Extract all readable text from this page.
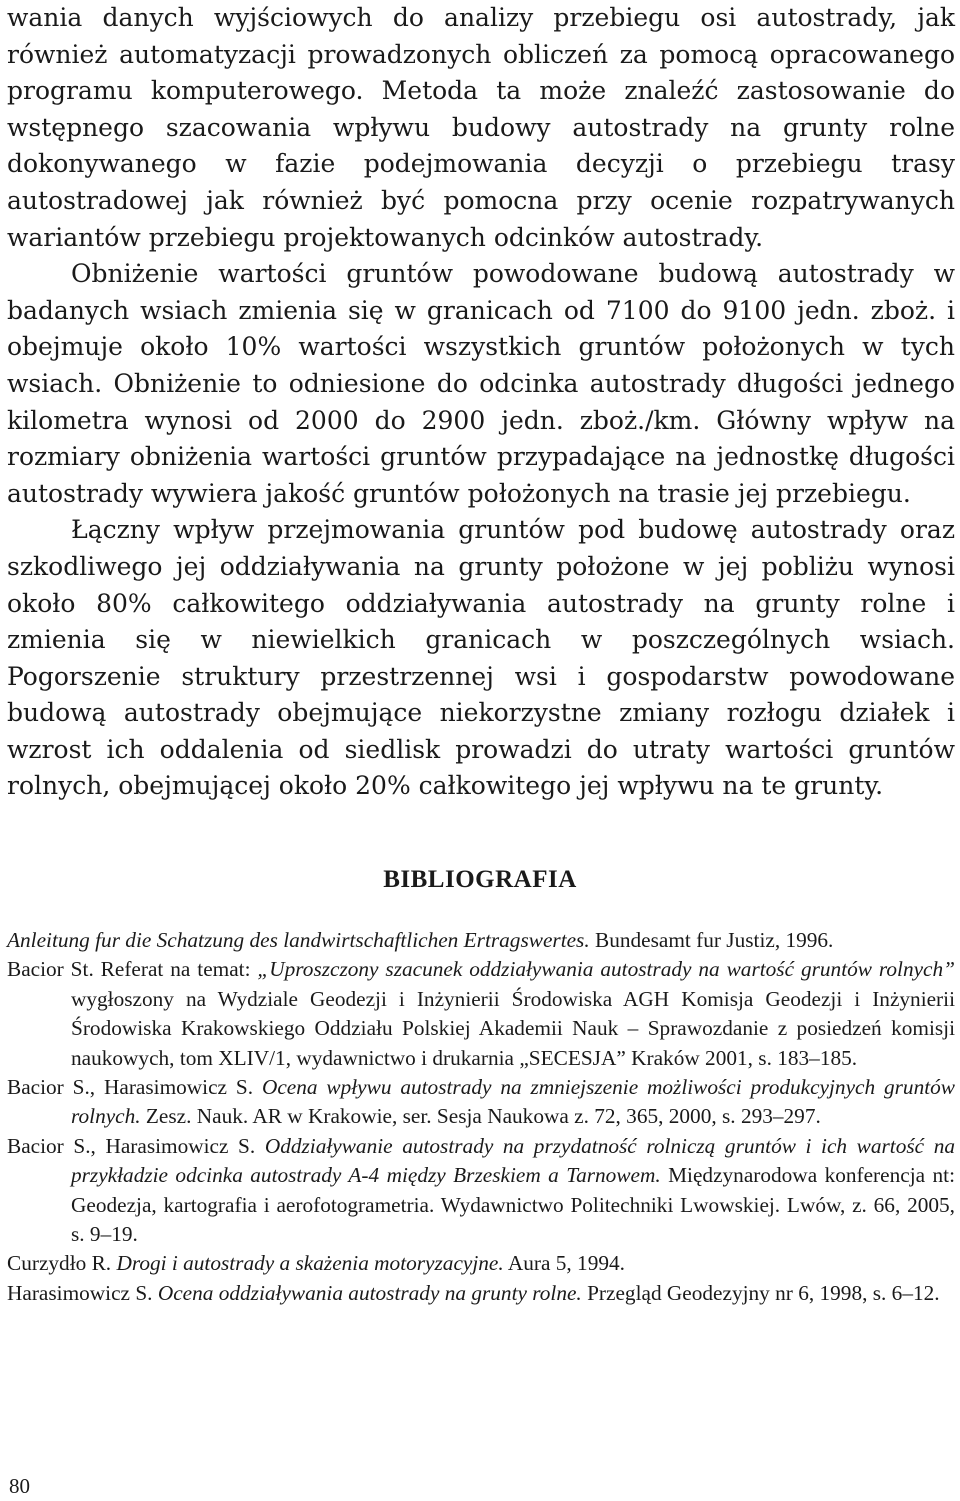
wania danych wyjściowych do analizy przebiegu osi autostrady, jak również automatyzacji prowadzonych obliczeń za pomocą opracowanego programu komputerowego. Metoda ta może znaleźć zastosowanie do wstępnego szacowania wpływu budowy autostrady na grunty rolne dokonywanego w fazie podejmowania decyzji o przebiegu trasy autostradowej jak również być pomocna przy ocenie rozpatrywanych wariantów przebiegu projektowanych odcinków autostrady.

Obniżenie wartości gruntów powodowane budową autostrady w badanych wsiach zmienia się w granicach od 7100 do 9100 jedn. zboż. i obejmuje około 10% wartości wszystkich gruntów położonych w tych wsiach. Obniżenie to odniesione do odcinka autostrady długości jednego kilometra wynosi od 2000 do 2900 jedn. zboż./km. Główny wpływ na rozmiary obniżenia wartości gruntów przypadające na jednostkę długości autostrady wywiera jakość gruntów położonych na trasie jej przebiegu.

Łączny wpływ przejmowania gruntów pod budowę autostrady oraz szkodliwego jej oddziaływania na grunty położone w jej pobliżu wynosi około 80% całkowitego oddziaływania autostrady na grunty rolne i zmienia się w niewielkich granicach w poszczególnych wsiach. Pogorszenie struktury przestrzennej wsi i gospodarstw powodowane budową autostrady obejmujące niekorzystne zmiany rozłogu działek i wzrost ich oddalenia od siedlisk prowadzi do utraty wartości gruntów rolnych, obejmującej około 20% całkowitego jej wpływu na te grunty.

BIBLIOGRAFIA
Anleitung fur die Schatzung des landwirtschaftlichen Ertragswertes. Bundesamt fur Justiz, 1996.
Bacior St. Referat na temat: „Uproszczony szacunek oddziaływania autostrady na wartość gruntów rolnych” wygłoszony na Wydziale Geodezji i Inżynierii Środowiska AGH Komisja Geodezji i Inżynierii Środowiska Krakowskiego Oddziału Polskiej Akademii Nauk – Sprawozdanie z posiedzeń komisji naukowych, tom XLIV/1, wydawnictwo i drukarnia „SECESJA” Kraków 2001, s. 183–185.
Bacior S., Harasimowicz S. Ocena wpływu autostrady na zmniejszenie możliwości produkcyjnych gruntów rolnych. Zesz. Nauk. AR w Krakowie, ser. Sesja Naukowa z. 72, 365, 2000, s. 293–297.
Bacior S., Harasimowicz S. Oddziaływanie autostrady na przydatność rolniczą gruntów i ich wartość na przykładzie odcinka autostrady A-4 między Brzeskiem a Tarnowem. Międzynarodowa konferencja nt: Geodezja, kartografia i aerofotogrametria. Wydawnictwo Politechniki Lwowskiej. Lwów, z. 66, 2005, s. 9–19.
Curzydło R. Drogi i autostrady a skażenia motoryzacyjne. Aura 5, 1994.
Harasimowicz S. Ocena oddziaływania autostrady na grunty rolne. Przegląd Geodezyjny nr 6, 1998, s. 6–12.
80
